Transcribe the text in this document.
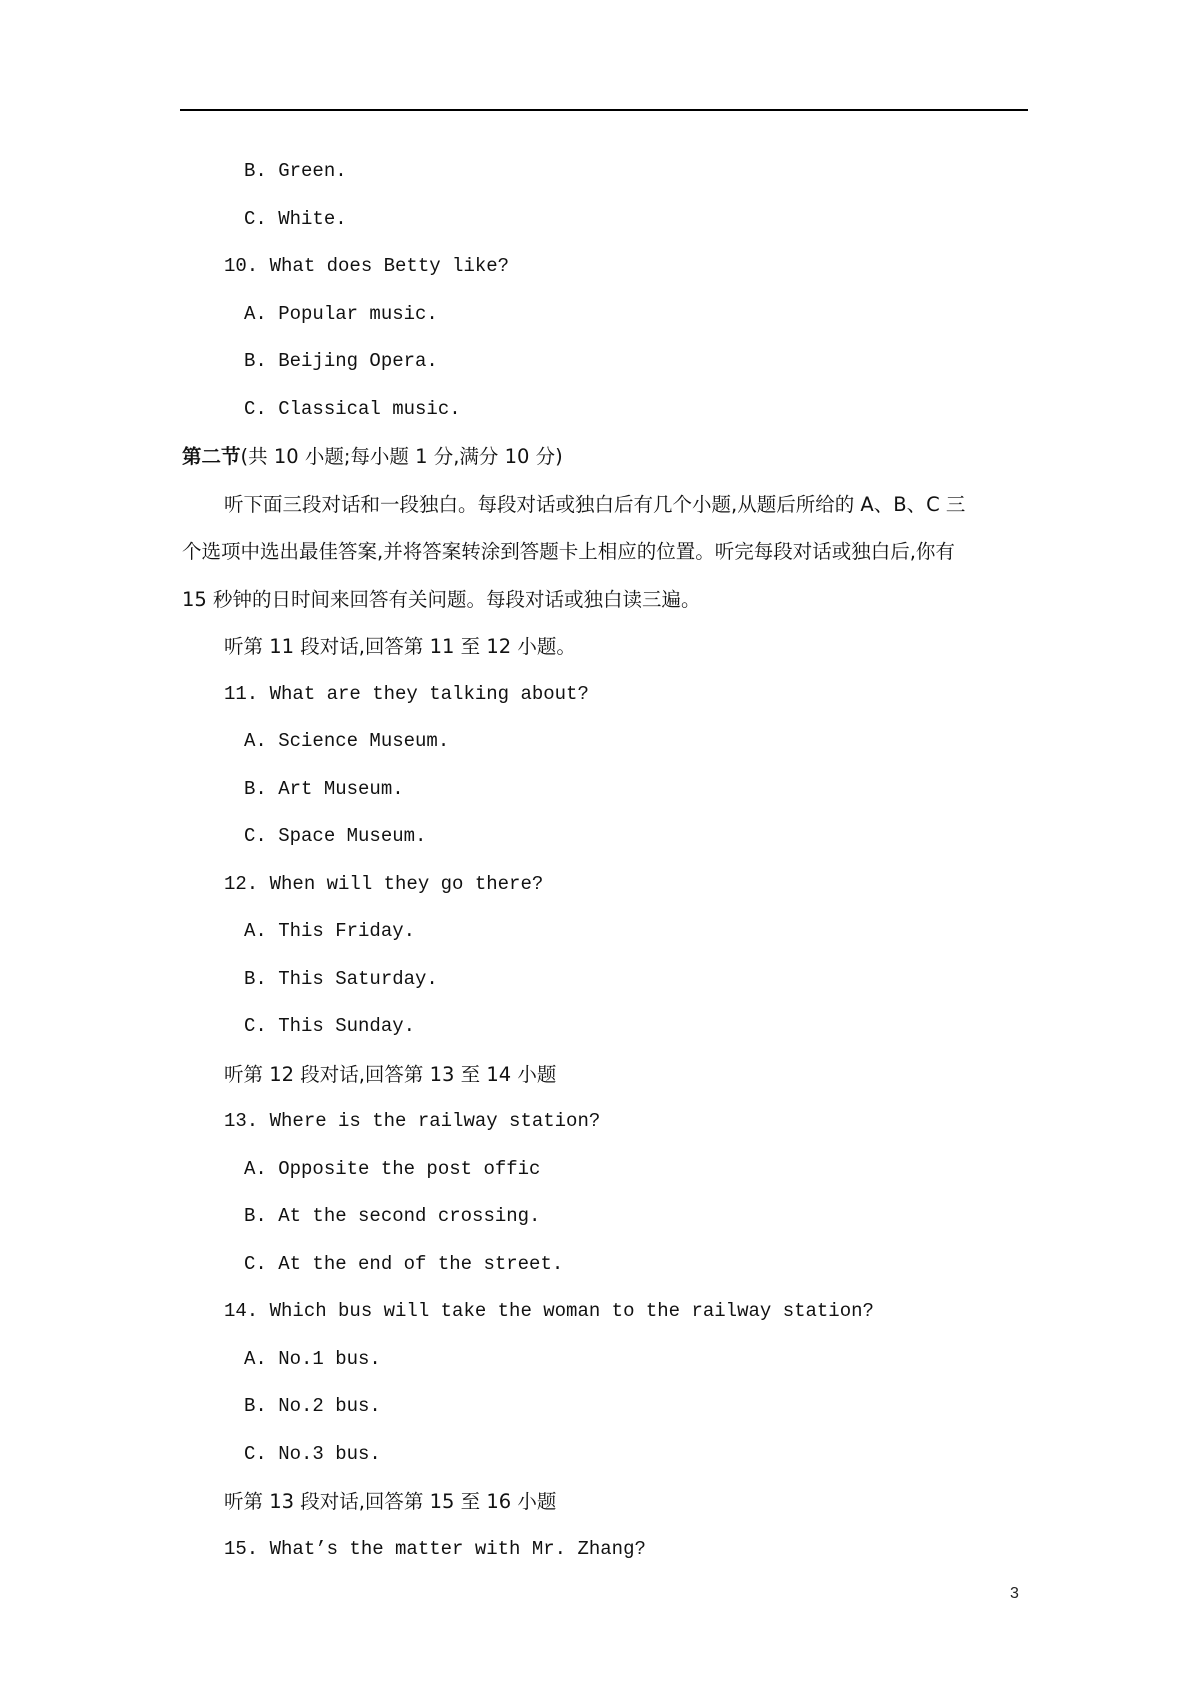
B. Green.
C. White.
10. What does Betty like?
A. Popular music.
B. Beijing Opera.
C. Classical music.
第二节(共 10 小题;每小题 1 分,满分 10 分)
听下面三段对话和一段独白。每段对话或独白后有几个小题,从题后所给的 A、B、C 三
个选项中选出最佳答案,并将答案转涂到答题卡上相应的位置。听完每段对话或独白后,你有
15 秒钟的日时间来回答有关问题。每段对话或独白读三遍。
听第 11 段对话,回答第 11 至 12 小题。
11. What are they talking about?
A. Science Museum.
B. Art Museum.
C. Space Museum.
12. When will they go there?
A. This Friday.
B. This Saturday.
C. This Sunday.
听第 12 段对话,回答第 13 至 14 小题
13. Where is the railway station?
A. Opposite the post offic
B. At the second crossing.
C. At the end of the street.
14. Which bus will take the woman to the railway station?
A. No.1 bus.
B. No.2 bus.
C. No.3 bus.
听第 13 段对话,回答第 15 至 16 小题
15. What’s the matter with Mr. Zhang?
3
